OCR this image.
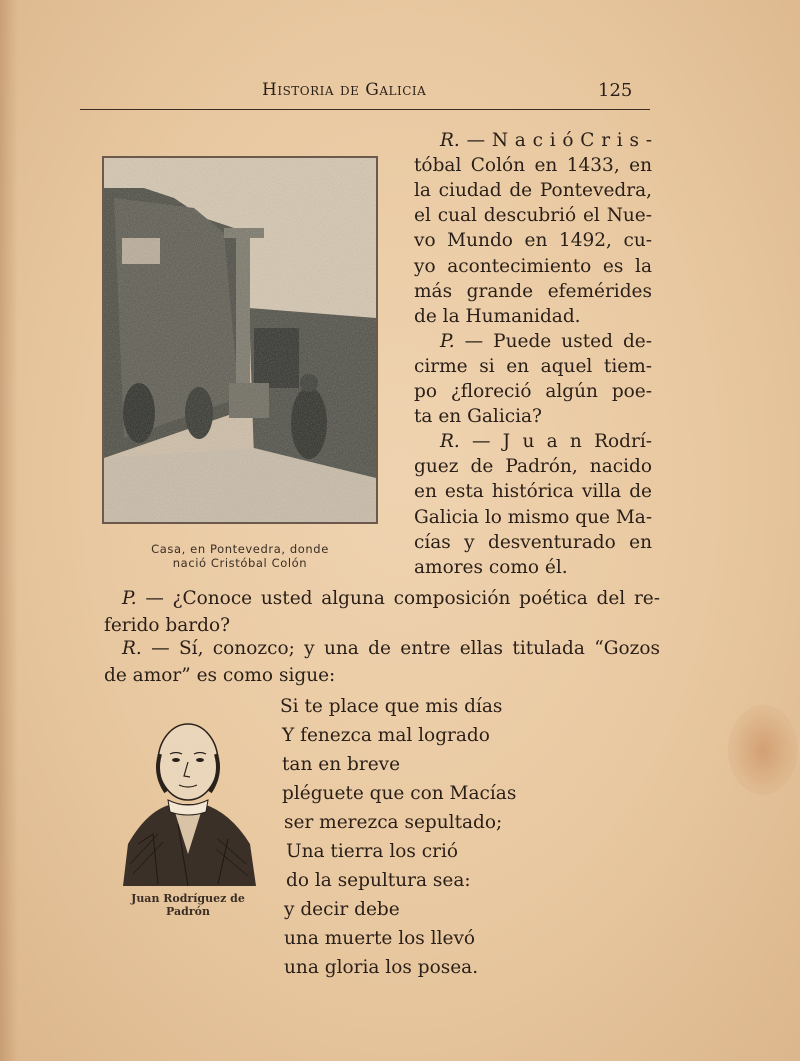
Historia de Galicia	125
Casa, en Pontevedra, donde
nació Cristóbal Colón
R. — N a c i ó C r i s -
tóbal Colón en 1433, en
la ciudad de Pontevedra,
el cual descubrió el Nue-
vo Mundo en 1492, cu-
yo acontecimiento es la
más grande efemérides
de la Humanidad.
P. — Puede usted de-
cirme si en aquel tiem-
po ¿floreció algún poe-
ta en Galicia?
R. — J u a n Rodrí-
guez de Padrón, nacido
en esta histórica villa de
Galicia lo mismo que Ma-
cías y desventurado en
amores como él.
P. — ¿Conoce usted alguna composición poética del re-
ferido bardo?
R. — Sí, conozco; y una de entre ellas titulada “Gozos
de amor” es como sigue:
Juan Rodríguez de
Padrón
Si te place que mis días
Y fenezca mal logrado
tan en breve
pléguete que con Macías
ser merezca sepultado;
Una tierra los crió
do la sepultura sea:
y decir debe
una muerte los llevó
una gloria los posea.
